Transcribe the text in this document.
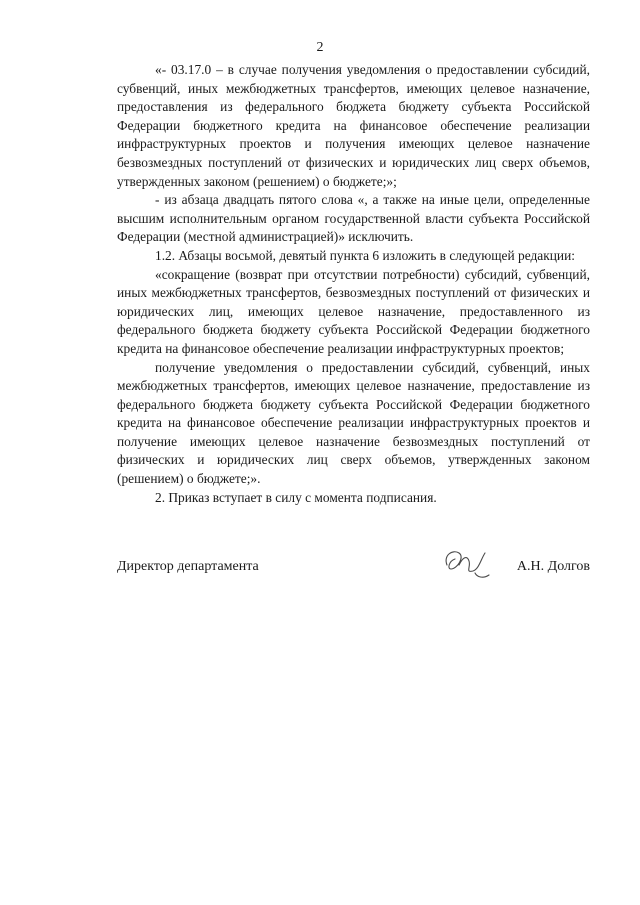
2

«- 03.17.0 – в случае получения уведомления о предоставлении субсидий, субвенций, иных межбюджетных трансфертов, имеющих целевое назначение, предоставления из федерального бюджета бюджету субъекта Российской Федерации бюджетного кредита на финансовое обеспечение реализации инфраструктурных проектов и получения имеющих целевое назначение безвозмездных поступлений от физических и юридических лиц сверх объемов, утвержденных законом (решением) о бюджете;»;

- из абзаца двадцать пятого слова «, а также на иные цели, определенные высшим исполнительным органом государственной власти субъекта Российской Федерации (местной администрацией)» исключить.

1.2. Абзацы восьмой, девятый пункта 6 изложить в следующей редакции:

«сокращение (возврат при отсутствии потребности) субсидий, субвенций, иных межбюджетных трансфертов, безвозмездных поступлений от физических и юридических лиц, имеющих целевое назначение, предоставленного из федерального бюджета бюджету субъекта Российской Федерации бюджетного кредита на финансовое обеспечение реализации инфраструктурных проектов;

получение уведомления о предоставлении субсидий, субвенций, иных межбюджетных трансфертов, имеющих целевое назначение, предоставление из федерального бюджета бюджету субъекта Российской Федерации бюджетного кредита на финансовое обеспечение реализации инфраструктурных проектов и получение имеющих целевое назначение безвозмездных поступлений от физических и юридических лиц сверх объемов, утвержденных законом (решением) о бюджете;».

2. Приказ вступает в силу с момента подписания.

Директор департамента	А.Н. Долгов
